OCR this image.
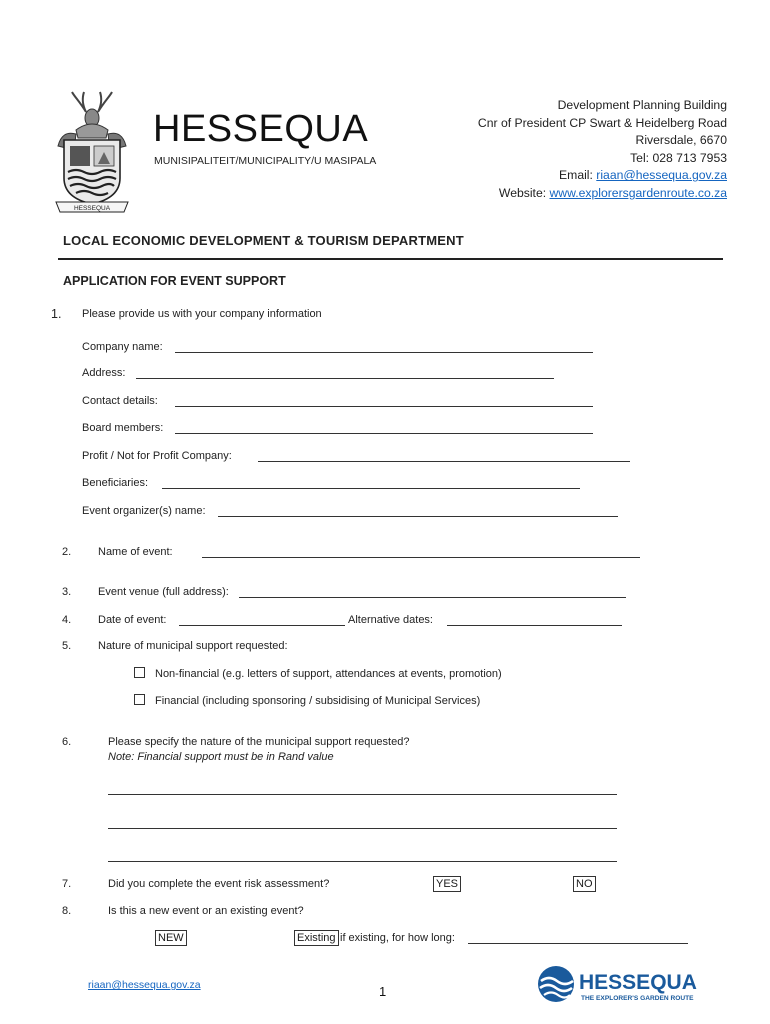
HESSEQUA
HESSEQUA
MUNISIPALITEIT/MUNICIPALITY/U MASIPALA
Development Planning Building
Cnr of President CP Swart & Heidelberg Road
Riversdale, 6670
Tel: 028 713 7953
Email: riaan@hessequa.gov.za
Website: www.explorersgardenroute.co.za
LOCAL ECONOMIC DEVELOPMENT & TOURISM DEPARTMENT
APPLICATION FOR EVENT SUPPORT
1. Please provide us with your company information
Company name:
Address:
Contact details:
Board members:
Profit / Not for Profit Company:
Beneficiaries:
Event organizer(s) name:
2. Name of event:
3. Event venue (full address):
4. Date of event:	Alternative dates:
5. Nature of municipal support requested:
Non-financial (e.g. letters of support, attendances at events, promotion)
Financial (including sponsoring / subsidising of Municipal Services)
6.	Please specify the nature of the municipal support requested?
Note: Financial support must be in Rand value
7.	Did you complete the event risk assessment?	YES	NO
8.	Is this a new event or an existing event?
NEW	Existing if existing, for how long:
riaan@hessequa.gov.za	1	HESSEQUA
THE EXPLORER'S GARDEN ROUTE
